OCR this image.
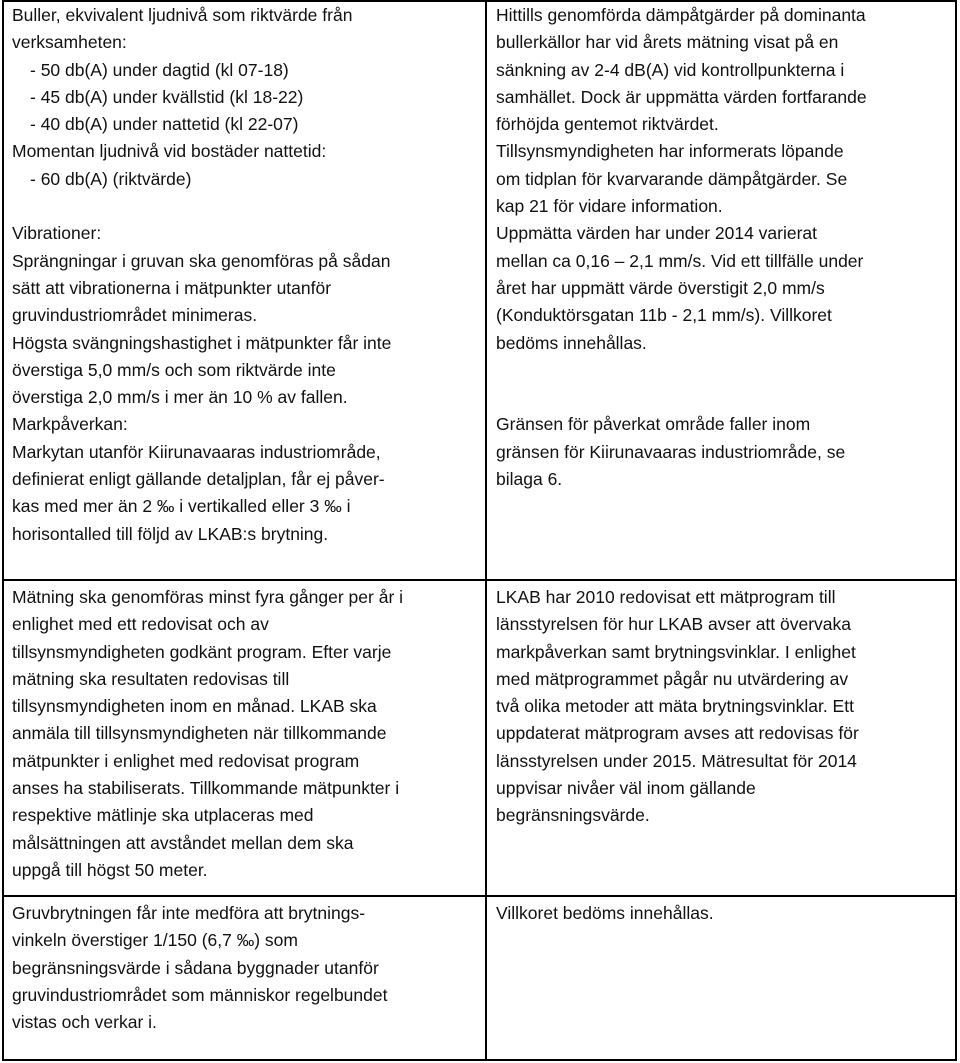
Buller, ekvivalent ljudnivå som riktvärde från
verksamheten:
- 50 db(A) under dagtid (kl 07-18)
- 45 db(A) under kvällstid (kl 18-22)
- 40 db(A) under nattetid (kl 22-07)
Momentan ljudnivå vid bostäder nattetid:
- 60 db(A) (riktvärde)
Vibrationer:
Sprängningar i gruvan ska genomföras på sådan
sätt att vibrationerna i mätpunkter utanför
gruvindustriområdet minimeras.
Högsta svängningshastighet i mätpunkter får inte
överstiga 5,0 mm/s och som riktvärde inte
överstiga 2,0 mm/s i mer än 10 % av fallen.
Markpåverkan:
Markytan utanför Kiirunavaaras industriområde,
definierat enligt gällande detaljplan, får ej påver-
kas med mer än 2 ‰ i vertikalled eller 3 ‰ i
horisontalled till följd av LKAB:s brytning.
Hittills genomförda dämpåtgärder på dominanta
bullerkällor har vid årets mätning visat på en
sänkning av 2-4 dB(A) vid kontrollpunkterna i
samhället. Dock är uppmätta värden fortfarande
förhöjda gentemot riktvärdet.
Tillsynsmyndigheten har informerats löpande
om tidplan för kvarvarande dämpåtgärder. Se
kap 21 för vidare information.
Uppmätta värden har under 2014 varierat
mellan ca 0,16 – 2,1 mm/s. Vid ett tillfälle under
året har uppmätt värde överstigit 2,0 mm/s
(Konduktörsgatan 11b - 2,1 mm/s). Villkoret
bedöms innehållas.
Gränsen för påverkat område faller inom
gränsen för Kiirunavaaras industriområde, se
bilaga 6.
Mätning ska genomföras minst fyra gånger per år i
enlighet med ett redovisat och av
tillsynsmyndigheten godkänt program. Efter varje
mätning ska resultaten redovisas till
tillsynsmyndigheten inom en månad. LKAB ska
anmäla till tillsynsmyndigheten när tillkommande
mätpunkter i enlighet med redovisat program
anses ha stabiliserats. Tillkommande mätpunkter i
respektive mätlinje ska utplaceras med
målsättningen att avståndet mellan dem ska
uppgå till högst 50 meter.
LKAB har 2010 redovisat ett mätprogram till
länsstyrelsen för hur LKAB avser att övervaka
markpåverkan samt brytningsvinklar. I enlighet
med mätprogrammet pågår nu utvärdering av
två olika metoder att mäta brytningsvinklar. Ett
uppdaterat mätprogram avses att redovisas för
länsstyrelsen under 2015. Mätresultat för 2014
uppvisar nivåer väl inom gällande
begränsningsvärde.
Gruvbrytningen får inte medföra att brytnings-
vinkeln överstiger 1/150 (6,7 ‰) som
begränsningsvärde i sådana byggnader utanför
gruvindustriområdet som människor regelbundet
vistas och verkar i.
Villkoret bedöms innehållas.
